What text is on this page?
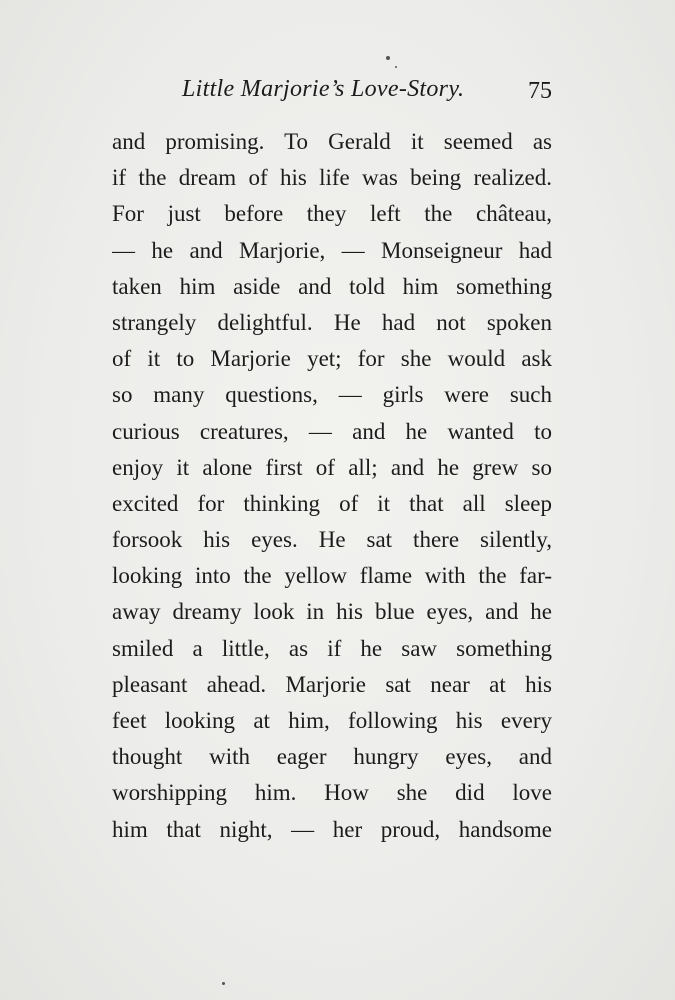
Little Marjorie’s Love-Story.	75
and promising. To Gerald it seemed as
if the dream of his life was being realized.
For just before they left the château,
— he and Marjorie, — Monseigneur had
taken him aside and told him something
strangely delightful. He had not spoken
of it to Marjorie yet; for she would ask
so many questions, — girls were such
curious creatures, — and he wanted to
enjoy it alone first of all; and he grew so
excited for thinking of it that all sleep
forsook his eyes. He sat there silently,
looking into the yellow flame with the far-
away dreamy look in his blue eyes, and he
smiled a little, as if he saw something
pleasant ahead. Marjorie sat near at his
feet looking at him, following his every
thought with eager hungry eyes, and
worshipping him. How she did love
him that night, — her proud, handsome
